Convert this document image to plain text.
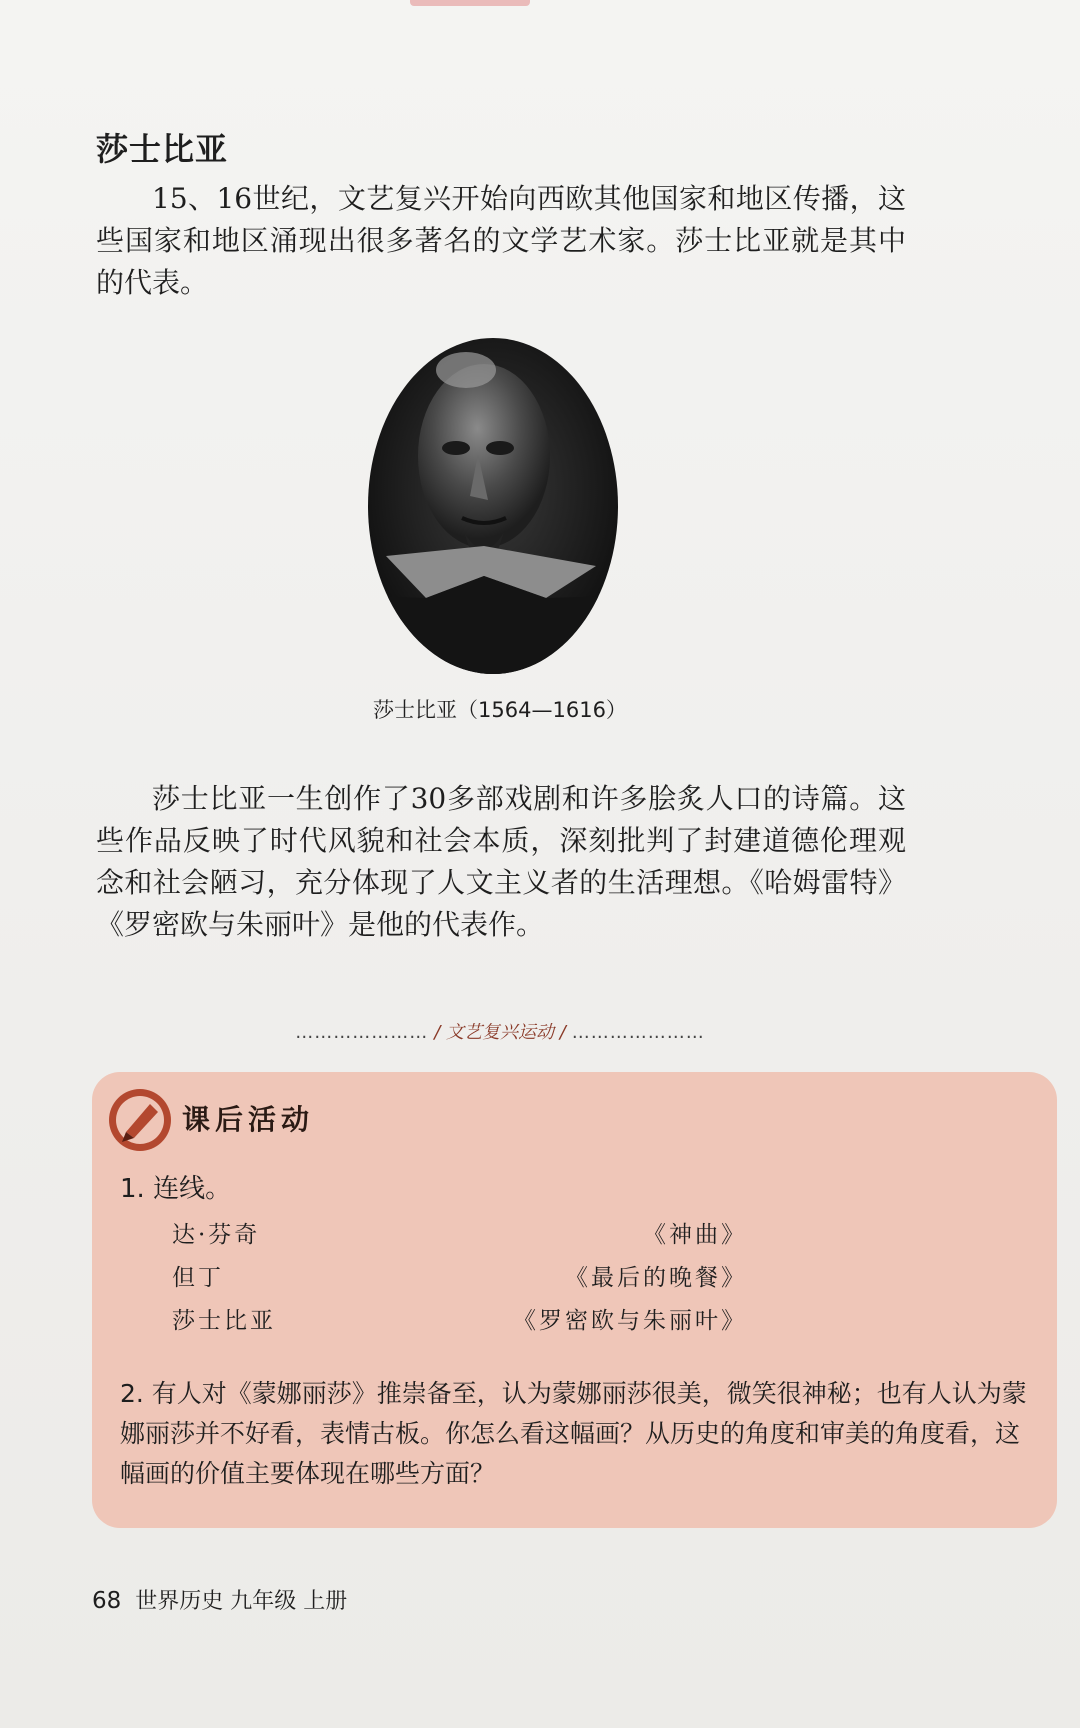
莎士比亚
15、16世纪，文艺复兴开始向西欧其他国家和地区传播，这些国家和地区涌现出很多著名的文学艺术家。莎士比亚就是其中的代表。
莎士比亚（1564—1616）
莎士比亚一生创作了30多部戏剧和许多脍炙人口的诗篇。这些作品反映了时代风貌和社会本质，深刻批判了封建道德伦理观念和社会陋习，充分体现了人文主义者的生活理想。《哈姆雷特》《罗密欧与朱丽叶》是他的代表作。
………………… / 文艺复兴运动 / …………………
课后活动
1. 连线。
达·芬奇
但丁
莎士比亚
《神曲》
《最后的晚餐》
《罗密欧与朱丽叶》
2. 有人对《蒙娜丽莎》推崇备至，认为蒙娜丽莎很美，微笑很神秘；也有人认为蒙娜丽莎并不好看，表情古板。你怎么看这幅画？从历史的角度和审美的角度看，这幅画的价值主要体现在哪些方面？
68 世界历史 九年级 上册
